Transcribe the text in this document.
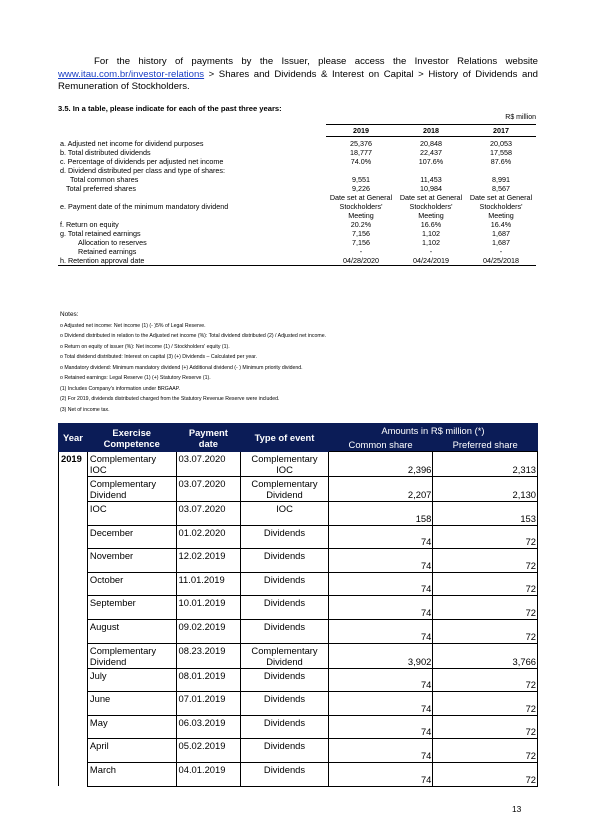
For the history of payments by the Issuer, please access the Investor Relations website www.itau.com.br/investor-relations > Shares and Dividends & Interest on Capital > History of Dividends and Remuneration of Stockholders.
3.5. In a table, please indicate for each of the past three years:
R$ million
	2019	2018	2017
a. Adjusted net income for dividend purposes	25,376	20,848	20,053
b. Total distributed dividends	18,777	22,437	17,558
c. Percentage of dividends per adjusted net income	74.0%	107.6%	87.6%
d. Dividend distributed per class and type of shares:			
Total common shares	9,551	11,453	8,991
Total preferred shares	9,226	10,984	8,567
e. Payment date of the minimum mandatory dividend	Date set at General Stockholders' Meeting	Date set at General Stockholders' Meeting	Date set at General Stockholders' Meeting
f. Return on equity	20.2%	16.6%	16.4%
g. Total retained earnings	7,156	1,102	1,687
Allocation to reserves	7,156	1,102	1,687
Retained earnings	-	-	-
h. Retention approval date	04/28/2020	04/24/2019	04/25/2018
Notes:
o Adjusted net income: Net income (1) (- )5% of Legal Reserve.
o Dividend distributed in relation to the Adjusted net income (%): Total dividend distributed (2) / Adjusted net income.
o Return on equity of issuer (%): Net income (1) / Stockholders' equity (1).
o Total dividend distributed: Interest on capital (3) (+) Dividends – Calculated per year.
o Mandatory dividend: Minimum mandatory dividend (+) Additional dividend (- ) Minimum priority dividend.
o Retained earnings: Legal Reserve (1) (+) Statutory Reserve (1).
(1) Includes Company's information under BRGAAP.
(2) For 2019, dividends distributed charged from the Statutory Revenue Reserve were included.
(3) Net of income tax.
Year	Exercise Competence	Payment date	Type of event	Amounts in R$ million (*)	
				Common share	Preferred share
2019	Complementary IOC	03.07.2020	Complementary IOC	2,396	2,313
	Complementary Dividend	03.07.2020	Complementary Dividend	2,207	2,130
	IOC	03.07.2020	IOC	158	153
	December	01.02.2020	Dividends	74	72
	November	12.02.2019	Dividends	74	72
	October	11.01.2019	Dividends	74	72
	September	10.01.2019	Dividends	74	72
	August	09.02.2019	Dividends	74	72
	Complementary Dividend	08.23.2019	Complementary Dividend	3,902	3,766
	July	08.01.2019	Dividends	74	72
	June	07.01.2019	Dividends	74	72
	May	06.03.2019	Dividends	74	72
	April	05.02.2019	Dividends	74	72
	March	04.01.2019	Dividends	74	72
13
